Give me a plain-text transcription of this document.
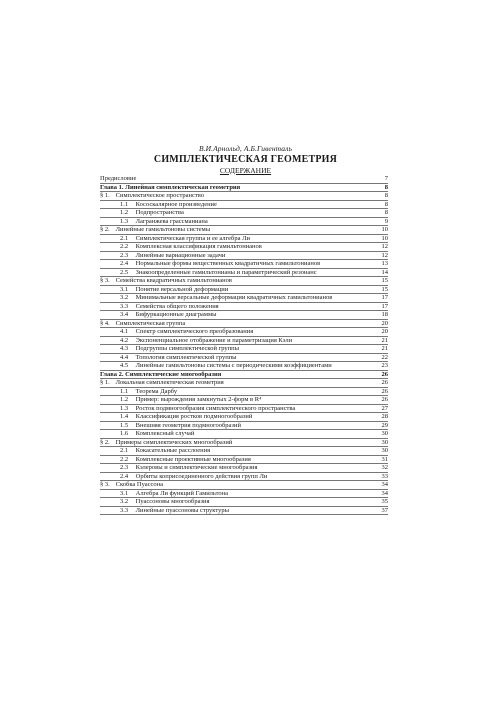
В.И.Арнольд, А.Б.Гивенталь
СИМПЛЕКТИЧЕСКАЯ ГЕОМЕТРИЯ
СОДЕРЖАНИЕ
Предисловие	7
Глава 1. Линейная симплектическая геометрия	8
§ 1. Симплектическое пространство	8
1.1 Кососкалярное произведение	8
1.2 Подпространства	8
1.3 Лагранжева грассманиана	9
§ 2. Линейные гамильтоновы системы	10
2.1 Симплектическая группа и ее алгебра Ли	10
2.2 Комплексная классификация гамильтонианов	12
2.3 Линейные вариационные задачи	12
2.4 Нормальные формы вещественных квадратичных гамильтонианов	13
2.5 Знакоопределенные гамильтонианы и параметрический резонанс	14
§ 3. Семейства квадратичных гамильтонианов	15
3.1 Понятие версальной деформации	15
3.2 Минимальные версальные деформации квадратичных гамильтонианов	17
3.3 Семейства общего положения	17
3.4 Бифуркационные диаграммы	18
§ 4. Симплектическая группа	20
4.1 Спектр симплектического преобразования	20
4.2 Экспоненциальное отображение и параметризация Кэли	21
4.3 Подгруппы симплектической группы	21
4.4 Топология симплектической группы	22
4.5 Линейные гамильтоновы системы с периодическими коэффициентами	23
Глава 2. Симплектические многообразия	26
§ 1. Локальная симплектическая геометрия	26
1.1 Теорема Дарбу	26
1.2 Пример: вырождения замкнутых 2-форм в R⁴	26
1.3 Росток подмногообразия симплектического пространства	27
1.4 Классификация ростков подмногообразий	28
1.5 Внешняя геометрия подмногообразий	29
1.6 Комплексный случай	30
§ 2. Примеры симплектических многообразий	30
2.1 Кокасательные расслоения	30
2.2 Комплексные проективные многообразия	31
2.3 Кэлеровы и симплектические многообразия	32
2.4 Орбиты коприсоединенного действия групп Ли	33
§ 3. Скобка Пуассона	34
3.1 Алгебра Ли функций Гамильтона	34
3.2 Пуассоновы многообразия	35
3.3 Линейные пуассоновы структуры	37
